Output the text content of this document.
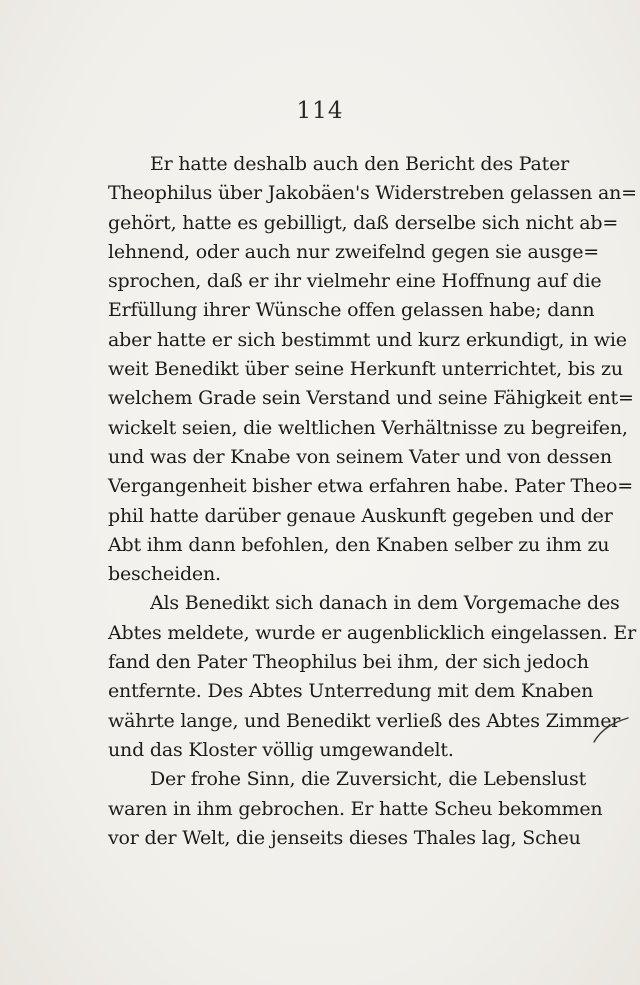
114
Er hatte deshalb auch den Bericht des Pater
Theophilus über Jakobäen's Widerstreben gelassen an=
gehört, hatte es gebilligt, daß derselbe sich nicht ab=
lehnend, oder auch nur zweifelnd gegen sie ausge=
sprochen, daß er ihr vielmehr eine Hoffnung auf die
Erfüllung ihrer Wünsche offen gelassen habe; dann
aber hatte er sich bestimmt und kurz erkundigt, in wie
weit Benedikt über seine Herkunft unterrichtet, bis zu
welchem Grade sein Verstand und seine Fähigkeit ent=
wickelt seien, die weltlichen Verhältnisse zu begreifen,
und was der Knabe von seinem Vater und von dessen
Vergangenheit bisher etwa erfahren habe. Pater Theo=
phil hatte darüber genaue Auskunft gegeben und der
Abt ihm dann befohlen, den Knaben selber zu ihm zu
bescheiden.
Als Benedikt sich danach in dem Vorgemache des
Abtes meldete, wurde er augenblicklich eingelassen. Er
fand den Pater Theophilus bei ihm, der sich jedoch
entfernte. Des Abtes Unterredung mit dem Knaben
währte lange, und Benedikt verließ des Abtes Zimmer
und das Kloster völlig umgewandelt.
Der frohe Sinn, die Zuversicht, die Lebenslust
waren in ihm gebrochen. Er hatte Scheu bekommen
vor der Welt, die jenseits dieses Thales lag, Scheu
